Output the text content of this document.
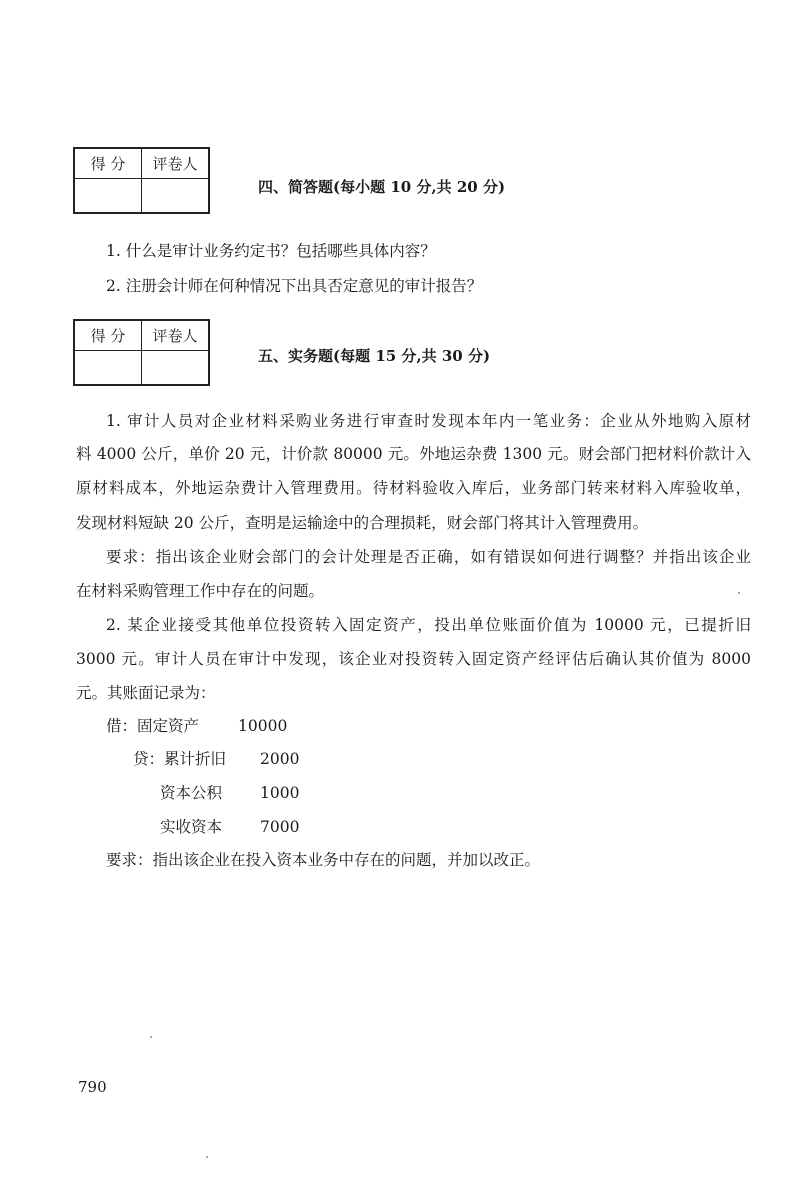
得 分	评卷人

四、简答题(每小题 10 分,共 20 分)
1. 什么是审计业务约定书？包括哪些具体内容？
2. 注册会计师在何种情况下出具否定意见的审计报告？
得 分	评卷人

五、实务题(每题 15 分,共 30 分)
1. 审计人员对企业材料采购业务进行审查时发现本年内一笔业务：企业从外地购入原材
料 4000 公斤，单价 20 元，计价款 80000 元。外地运杂费 1300 元。财会部门把材料价款计入
原材料成本，外地运杂费计入管理费用。待材料验收入库后，业务部门转来材料入库验收单，
发现材料短缺 20 公斤，查明是运输途中的合理损耗，财会部门将其计入管理费用。
要求：指出该企业财会部门的会计处理是否正确，如有错误如何进行调整？并指出该企业
在材料采购管理工作中存在的问题。
2. 某企业接受其他单位投资转入固定资产，投出单位账面价值为 10000 元，已提折旧
3000 元。审计人员在审计中发现，该企业对投资转入固定资产经评估后确认其价值为 8000
元。其账面记录为：
借：固定资产	10000
贷：累计折旧 2000
资本公积 1000
实收资本 7000
要求：指出该企业在投入资本业务中存在的问题，并加以改正。
790
